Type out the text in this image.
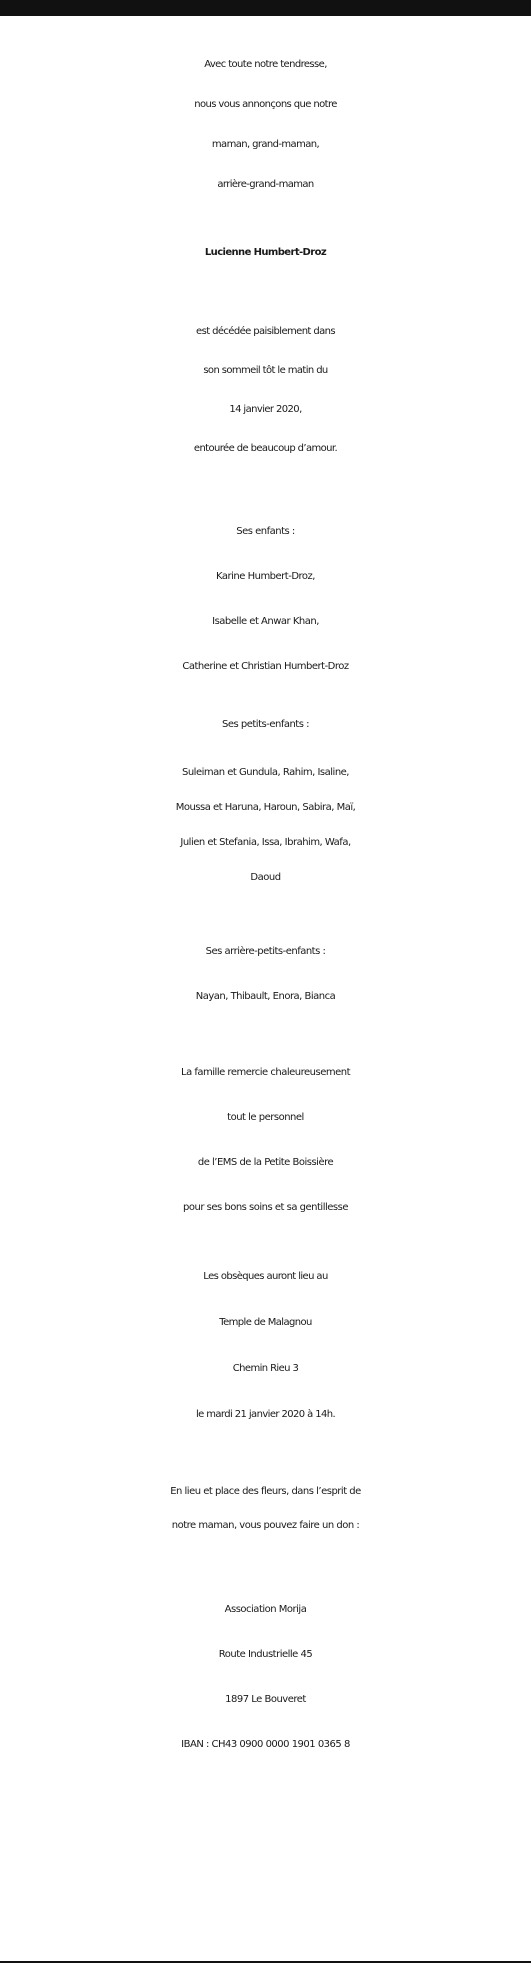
Avec toute notre tendresse,
nous vous annonçons que notre
maman, grand-maman,
arrière-grand-maman
Lucienne Humbert-Droz
est décédée paisiblement dans
son sommeil tôt le matin du
14 janvier 2020,
entourée de beaucoup d’amour.
Ses enfants :
Karine Humbert-Droz,
Isabelle et Anwar Khan,
Catherine et Christian Humbert-Droz
Ses petits-enfants :
Suleiman et Gundula, Rahim, Isaline,
Moussa et Haruna, Haroun, Sabira, Maï,
Julien et Stefania, Issa, Ibrahim, Wafa,
Daoud
Ses arrière-petits-enfants :
Nayan, Thibault, Enora, Bianca
La famille remercie chaleureusement
tout le personnel
de l’EMS de la Petite Boissière
pour ses bons soins et sa gentillesse
Les obsèques auront lieu au
Temple de Malagnou
Chemin Rieu 3
le mardi 21 janvier 2020 à 14h.
En lieu et place des fleurs, dans l’esprit de
notre maman, vous pouvez faire un don :
Association Morija
Route Industrielle 45
1897 Le Bouveret
IBAN : CH43 0900 0000 1901 0365 8
